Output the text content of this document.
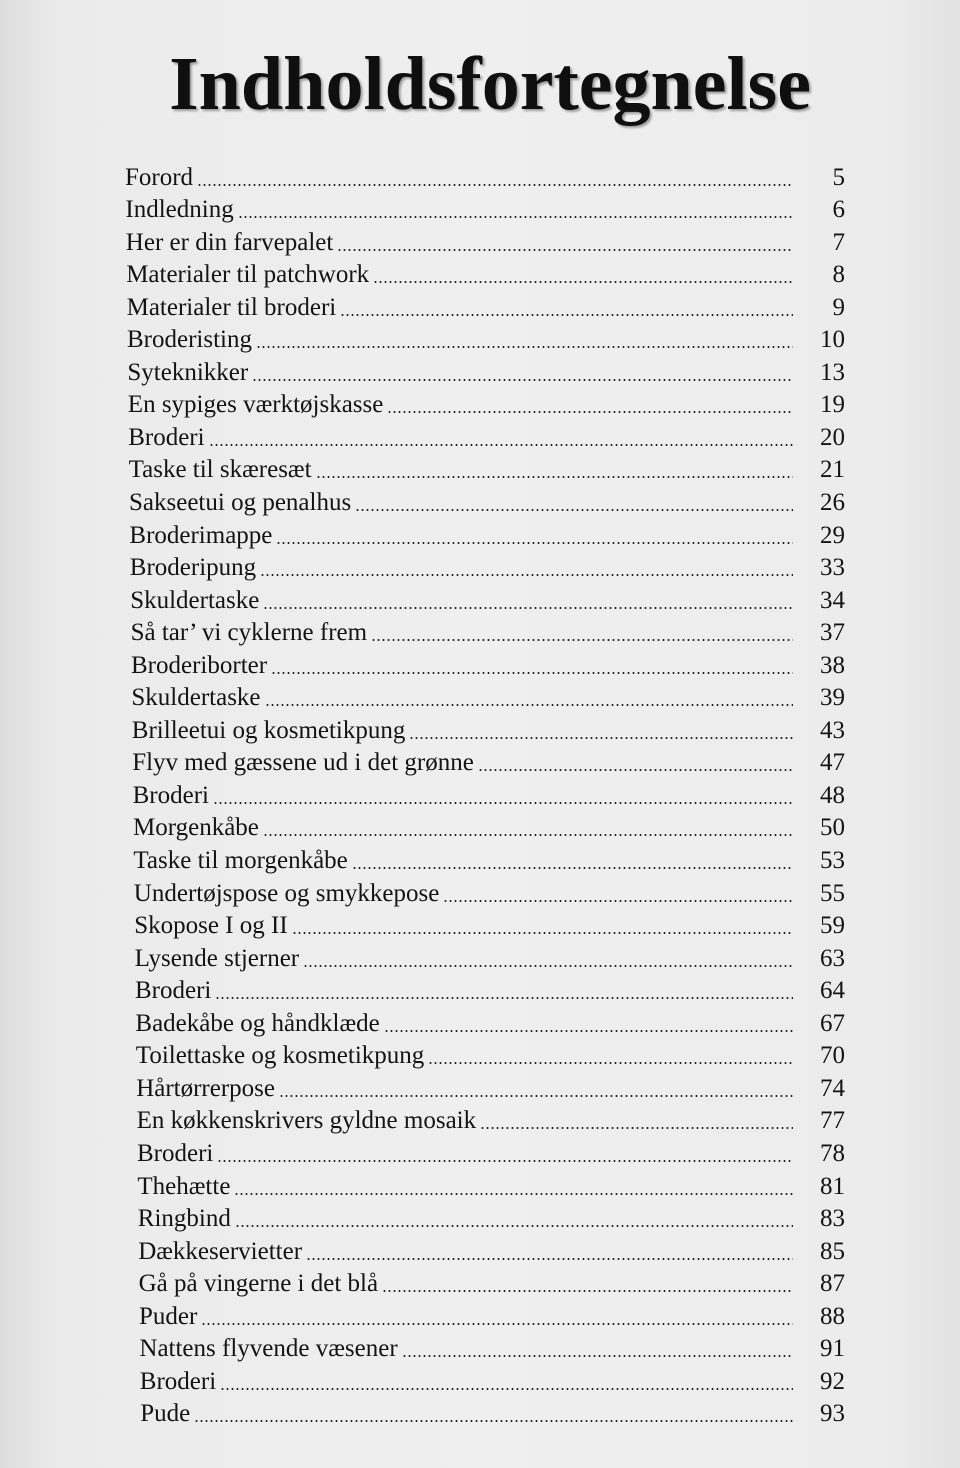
Indholdsfortegnelse
Forord	5
Indledning	6
Her er din farvepalet	7
Materialer til patchwork	8
Materialer til broderi	9
Broderisting	10
Syteknikker	13
En sypiges værktøjskasse	19
Broderi	20
Taske til skæresæt	21
Sakseetui og penalhus	26
Broderimappe	29
Broderipung	33
Skuldertaske	34
Så tar’ vi cyklerne frem	37
Broderiborter	38
Skuldertaske	39
Brilleetui og kosmetikpung	43
Flyv med gæssene ud i det grønne	47
Broderi	48
Morgenkåbe	50
Taske til morgenkåbe	53
Undertøjspose og smykkepose	55
Skopose I og II	59
Lysende stjerner	63
Broderi	64
Badekåbe og håndklæde	67
Toilettaske og kosmetikpung	70
Hårtørrerpose	74
En køkkenskrivers gyldne mosaik	77
Broderi	78
Thehætte	81
Ringbind	83
Dækkeservietter	85
Gå på vingerne i det blå	87
Puder	88
Nattens flyvende væsener	91
Broderi	92
Pude	93
